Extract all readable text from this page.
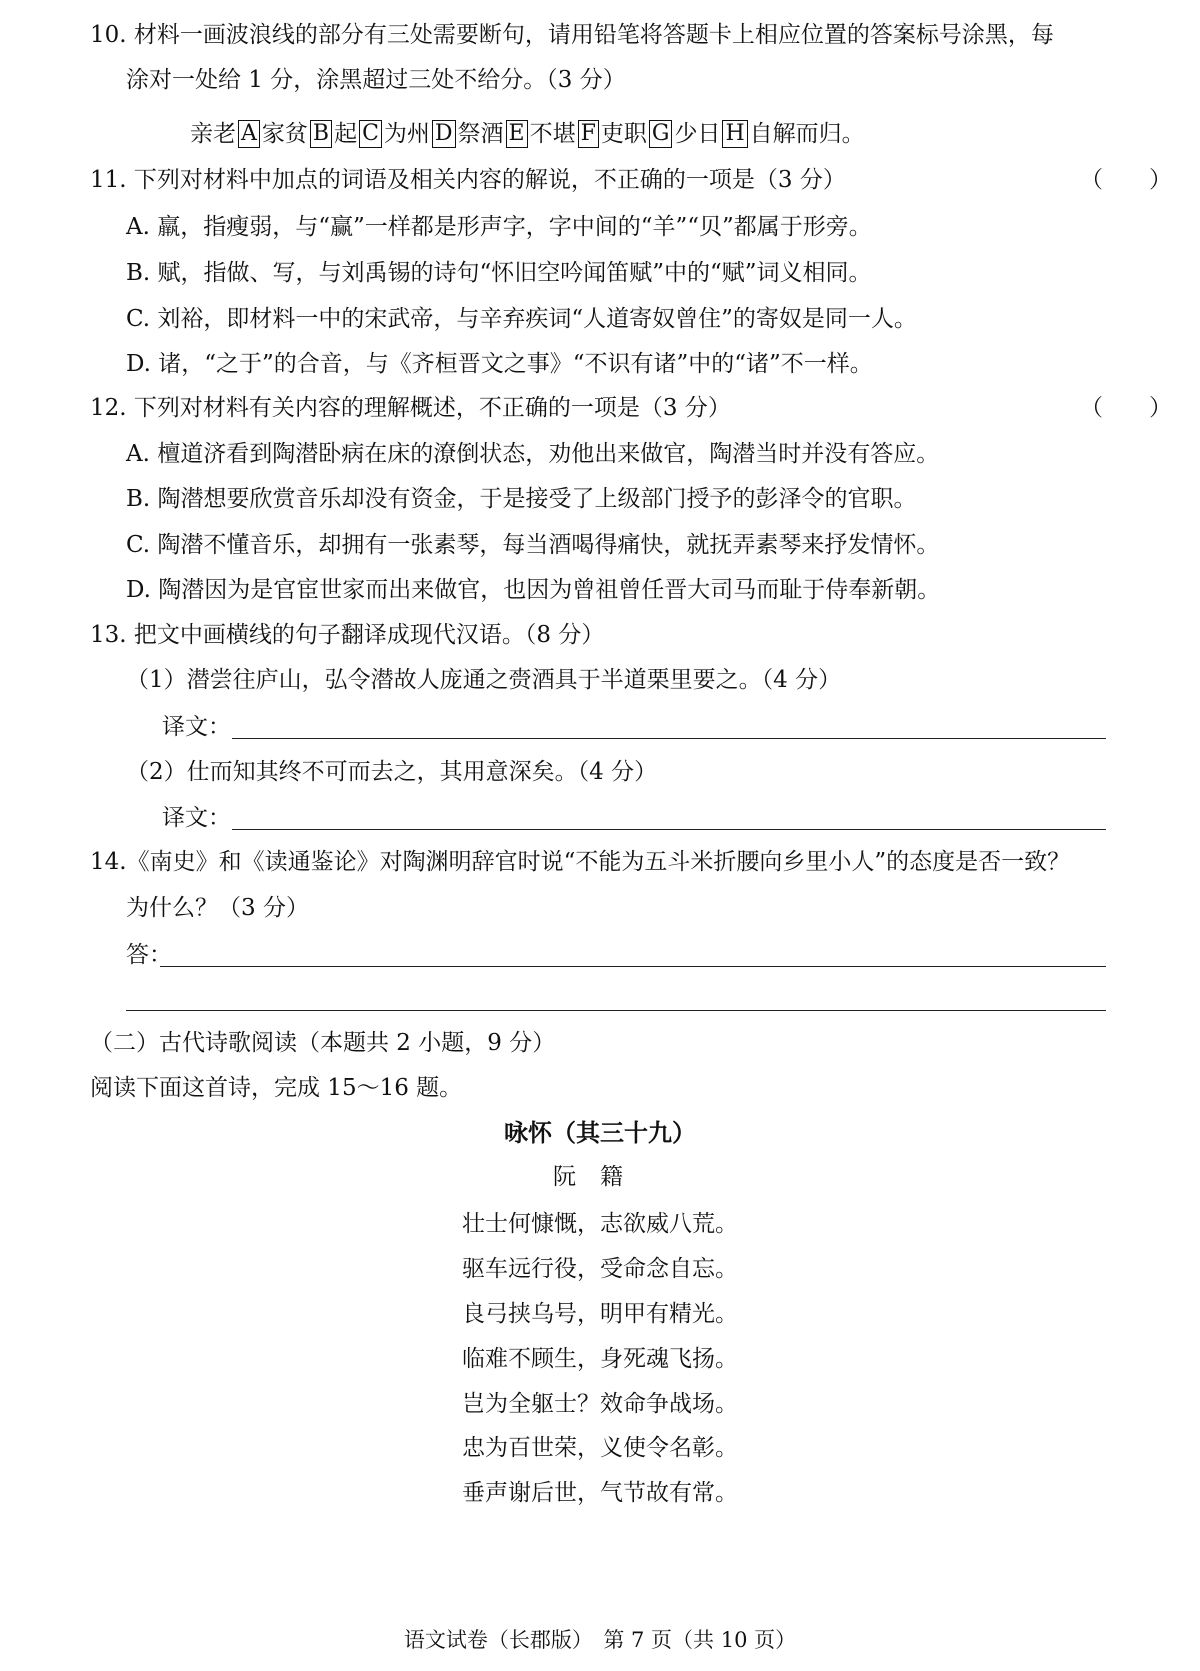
10. 材料一画波浪线的部分有三处需要断句，请用铅笔将答题卡上相应位置的答案标号涂黑，每
涂对一处给 1 分，涂黑超过三处不给分。（3 分）
亲老 A 家贫 B 起 C 为州 D 祭酒 E 不堪 F 吏职 G 少日 H 自解而归。
11. 下列对材料中加点的词语及相关内容的解说，不正确的一项是（3 分）	（　　）
A. 羸，指瘦弱，与“赢”一样都是形声字，字中间的“羊”“贝”都属于形旁。
B. 赋，指做、写，与刘禹锡的诗句“怀旧空吟闻笛赋”中的“赋”词义相同。
C. 刘裕，即材料一中的宋武帝，与辛弃疾词“人道寄奴曾住”的寄奴是同一人。
D. 诸，“之于”的合音，与《齐桓晋文之事》“不识有诸”中的“诸”不一样。
12. 下列对材料有关内容的理解概述，不正确的一项是（3 分）	（　　）
A. 檀道济看到陶潜卧病在床的潦倒状态，劝他出来做官，陶潜当时并没有答应。
B. 陶潜想要欣赏音乐却没有资金，于是接受了上级部门授予的彭泽令的官职。
C. 陶潜不懂音乐，却拥有一张素琴，每当酒喝得痛快，就抚弄素琴来抒发情怀。
D. 陶潜因为是官宦世家而出来做官，也因为曾祖曾任晋大司马而耻于侍奉新朝。
13. 把文中画横线的句子翻译成现代汉语。（8 分）
（1）潜尝往庐山，弘令潜故人庞通之赍酒具于半道栗里要之。（4 分）
译文：
（2）仕而知其终不可而去之，其用意深矣。（4 分）
译文：
14.《南史》和《读通鉴论》对陶渊明辞官时说“不能为五斗米折腰向乡里小人”的态度是否一致？
为什么？（3 分）
答：
（二）古代诗歌阅读（本题共 2 小题，9 分）
阅读下面这首诗，完成 15～16 题。
咏怀（其三十九）
阮籍
壮士何慷慨，志欲威八荒。
驱车远行役，受命念自忘。
良弓挟乌号，明甲有精光。
临难不顾生，身死魂飞扬。
岂为全躯士？效命争战场。
忠为百世荣，义使令名彰。
垂声谢后世，气节故有常。
语文试卷（长郡版）　第 7 页（共 10 页）
